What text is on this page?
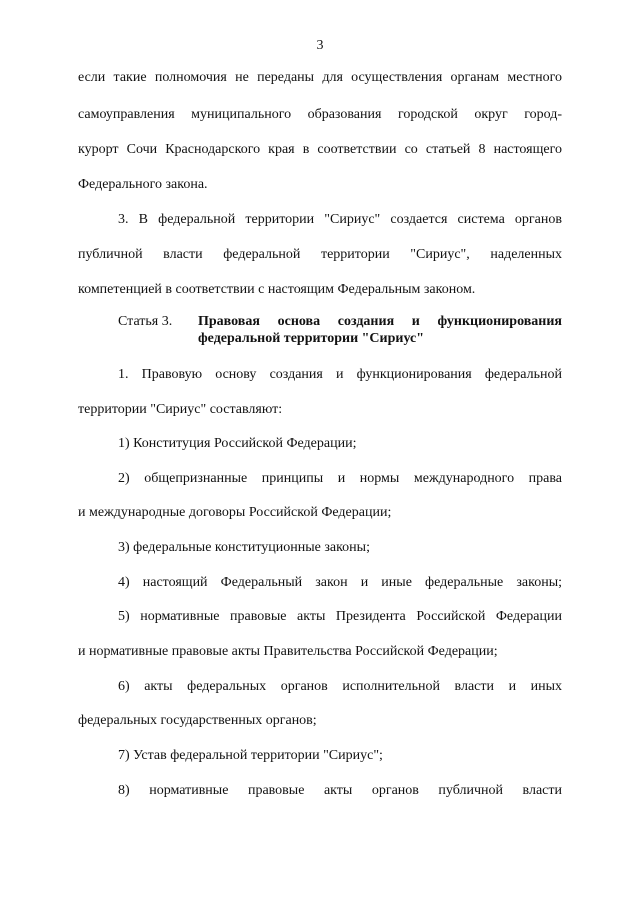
3
если такие полномочия не переданы для осуществления органам местного
самоуправления муниципального образования городской округ город-
курорт Сочи Краснодарского края в соответствии со статьей 8 настоящего
Федерального закона.
3. В федеральной территории "Сириус" создается система органов
публичной власти федеральной территории "Сириус", наделенных
компетенцией в соответствии с настоящим Федеральным законом.
Статья 3. Правовая основа создания и функционирования
федеральной территории "Сириус"
1. Правовую основу создания и функционирования федеральной
территории "Сириус" составляют:
1) Конституция Российской Федерации;
2) общепризнанные принципы и нормы международного права
и международные договоры Российской Федерации;
3) федеральные конституционные законы;
4) настоящий Федеральный закон и иные федеральные законы;
5) нормативные правовые акты Президента Российской Федерации
и нормативные правовые акты Правительства Российской Федерации;
6) акты федеральных органов исполнительной власти и иных
федеральных государственных органов;
7) Устав федеральной территории "Сириус";
8) нормативные правовые акты органов публичной власти
